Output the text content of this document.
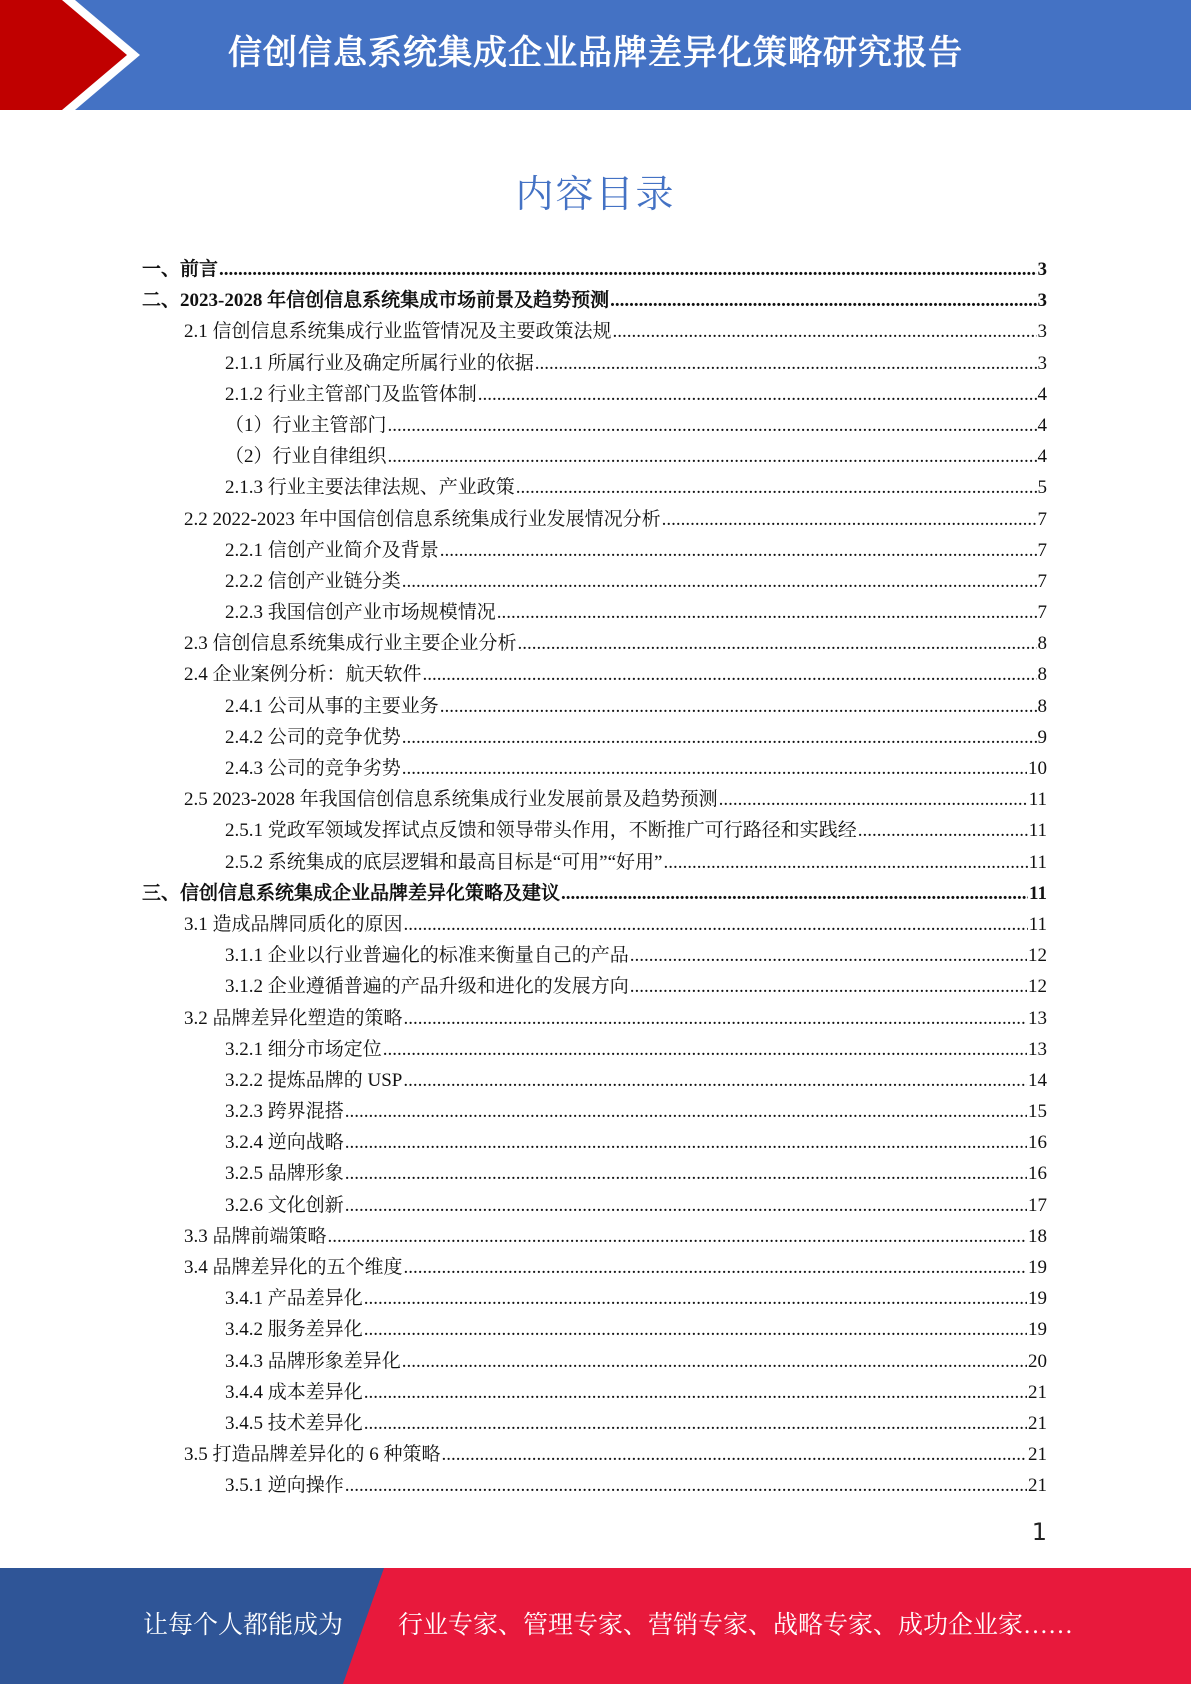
信创信息系统集成企业品牌差异化策略研究报告
内容目录
一、前言 .....	3
二、2023-2028 年信创信息系统集成市场前景及趋势预测 .....	3
2.1 信创信息系统集成行业监管情况及主要政策法规 .....	3
2.1.1 所属行业及确定所属行业的依据 .....	3
2.1.2 行业主管部门及监管体制 .....	4
（1）行业主管部门 .....	4
（2）行业自律组织 .....	4
2.1.3 行业主要法律法规、产业政策 .....	5
2.2 2022-2023 年中国信创信息系统集成行业发展情况分析 .....	7
2.2.1 信创产业简介及背景 .....	7
2.2.2 信创产业链分类 .....	7
2.2.3 我国信创产业市场规模情况 .....	7
2.3 信创信息系统集成行业主要企业分析 .....	8
2.4 企业案例分析：航天软件 .....	8
2.4.1 公司从事的主要业务 .....	8
2.4.2 公司的竞争优势 .....	9
2.4.3 公司的竞争劣势 .....	10
2.5 2023-2028 年我国信创信息系统集成行业发展前景及趋势预测 .....	11
2.5.1 党政军领域发挥试点反馈和领导带头作用，不断推广可行路径和实践经 .....	11
2.5.2 系统集成的底层逻辑和最高目标是“可用”“好用” .....	11
三、信创信息系统集成企业品牌差异化策略及建议 .....	11
3.1 造成品牌同质化的原因 .....	11
3.1.1 企业以行业普遍化的标准来衡量自己的产品 .....	12
3.1.2 企业遵循普遍的产品升级和进化的发展方向 .....	12
3.2 品牌差异化塑造的策略 .....	13
3.2.1 细分市场定位 .....	13
3.2.2 提炼品牌的 USP .....	14
3.2.3 跨界混搭 .....	15
3.2.4 逆向战略 .....	16
3.2.5 品牌形象 .....	16
3.2.6 文化创新 .....	17
3.3 品牌前端策略 .....	18
3.4 品牌差异化的五个维度 .....	19
3.4.1 产品差异化 .....	19
3.4.2 服务差异化 .....	19
3.4.3 品牌形象差异化 .....	20
3.4.4 成本差异化 .....	21
3.4.5 技术差异化 .....	21
3.5 打造品牌差异化的 6 种策略 .....	21
3.5.1 逆向操作 .....	21
1
让每个人都能成为 行业专家、管理专家、营销专家、战略专家、成功企业家……
